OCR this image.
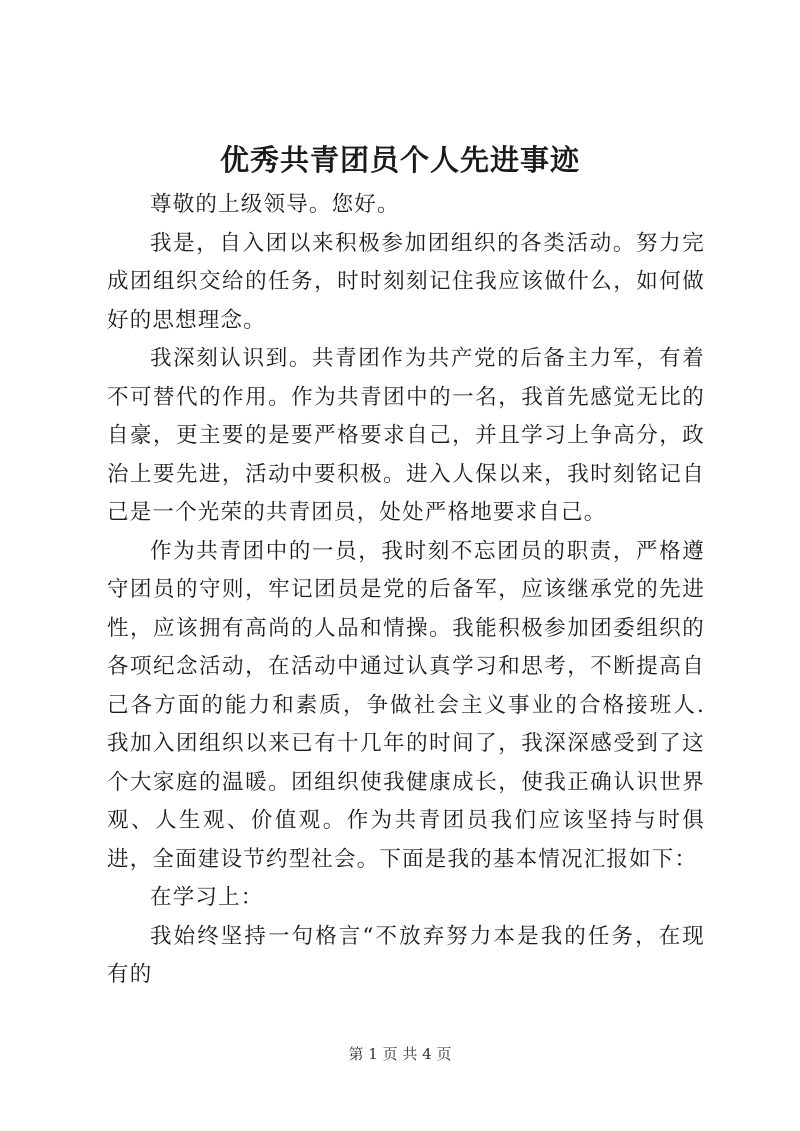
优秀共青团员个人先进事迹

尊敬的上级领导。您好。

我是，自入团以来积极参加团组织的各类活动。努力完成团组织交给的任务，时时刻刻记住我应该做什么，如何做好的思想理念。

我深刻认识到。共青团作为共产党的后备主力军，有着不可替代的作用。作为共青团中的一名，我首先感觉无比的自豪，更主要的是要严格要求自己，并且学习上争高分，政治上要先进，活动中要积极。进入人保以来，我时刻铭记自己是一个光荣的共青团员，处处严格地要求自己。

作为共青团中的一员，我时刻不忘团员的职责，严格遵守团员的守则，牢记团员是党的后备军，应该继承党的先进性，应该拥有高尚的人品和情操。我能积极参加团委组织的各项纪念活动，在活动中通过认真学习和思考，不断提高自己各方面的能力和素质，争做社会主义事业的合格接班人.我加入团组织以来已有十几年的时间了，我深深感受到了这个大家庭的温暖。团组织使我健康成长，使我正确认识世界观、人生观、价值观。作为共青团员我们应该坚持与时俱进，全面建设节约型社会。下面是我的基本情况汇报如下：

在学习上：

我始终坚持一句格言“不放弃努力本是我的任务，在现有的

第 1 页 共 4 页
